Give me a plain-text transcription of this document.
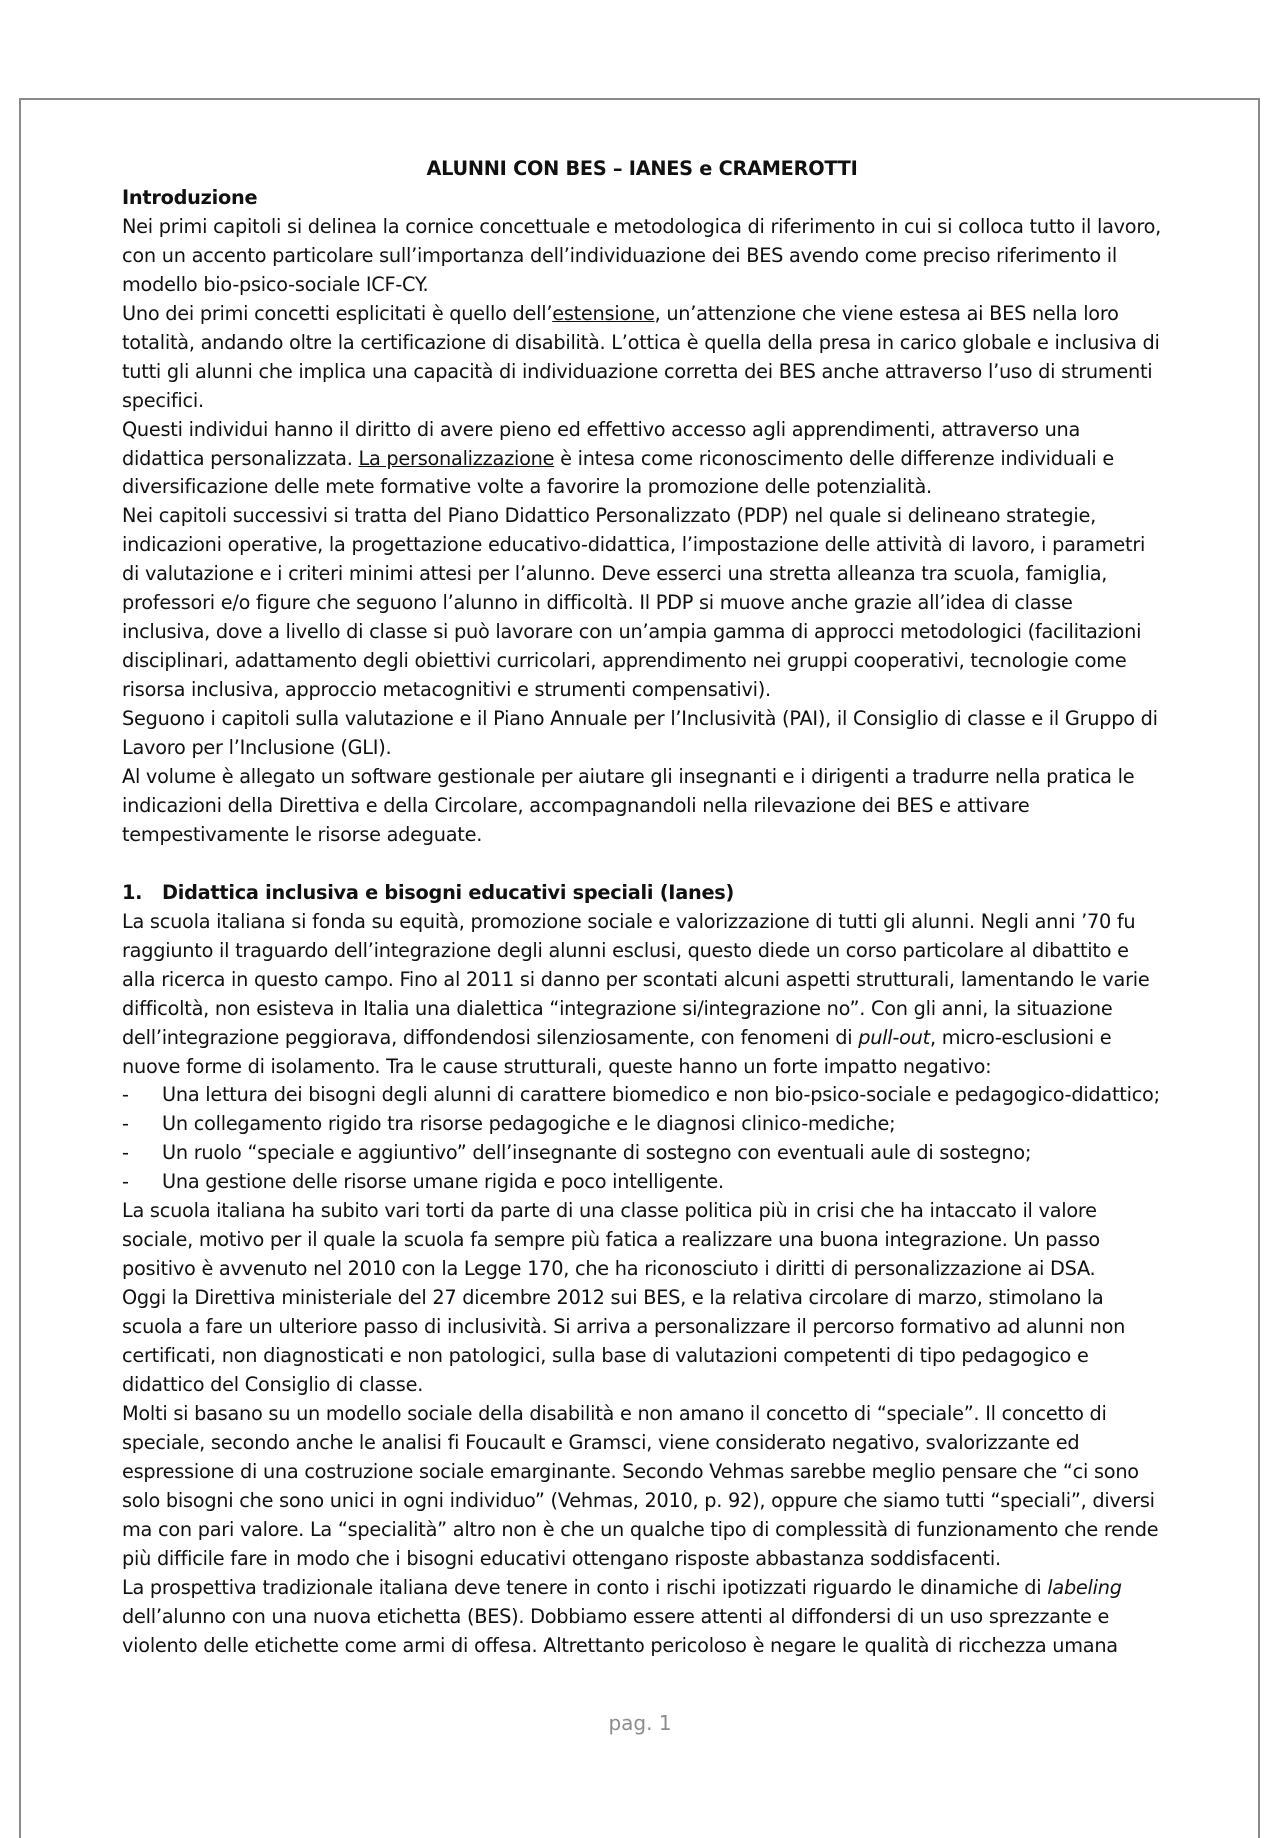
ALUNNI CON BES – IANES e CRAMEROTTI

Introduzione

Nei primi capitoli si delinea la cornice concettuale e metodologica di riferimento in cui si colloca tutto il lavoro, con un accento particolare sull’importanza dell’individuazione dei BES avendo come preciso riferimento il modello bio-psico-sociale ICF-CY.

Uno dei primi concetti esplicitati è quello dell’estensione, un’attenzione che viene estesa ai BES nella loro totalità, andando oltre la certificazione di disabilità. L’ottica è quella della presa in carico globale e inclusiva di tutti gli alunni che implica una capacità di individuazione corretta dei BES anche attraverso l’uso di strumenti specifici.

Questi individui hanno il diritto di avere pieno ed effettivo accesso agli apprendimenti, attraverso una didattica personalizzata. La personalizzazione è intesa come riconoscimento delle differenze individuali e diversificazione delle mete formative volte a favorire la promozione delle potenzialità.

Nei capitoli successivi si tratta del Piano Didattico Personalizzato (PDP) nel quale si delineano strategie, indicazioni operative, la progettazione educativo-didattica, l’impostazione delle attività di lavoro, i parametri di valutazione e i criteri minimi attesi per l’alunno. Deve esserci una stretta alleanza tra scuola, famiglia, professori e/o figure che seguono l’alunno in difficoltà. Il PDP si muove anche grazie all’idea di classe inclusiva, dove a livello di classe si può lavorare con un’ampia gamma di approcci metodologici (facilitazioni disciplinari, adattamento degli obiettivi curricolari, apprendimento nei gruppi cooperativi, tecnologie come risorsa inclusiva, approccio metacognitivi e strumenti compensativi).

Seguono i capitoli sulla valutazione e il Piano Annuale per l’Inclusività (PAI), il Consiglio di classe e il Gruppo di Lavoro per l’Inclusione (GLI).

Al volume è allegato un software gestionale per aiutare gli insegnanti e i dirigenti a tradurre nella pratica le indicazioni della Direttiva e della Circolare, accompagnandoli nella rilevazione dei BES e attivare tempestivamente le risorse adeguate.

1.	Didattica inclusiva e bisogni educativi speciali (Ianes)

La scuola italiana si fonda su equità, promozione sociale e valorizzazione di tutti gli alunni. Negli anni ’70 fu raggiunto il traguardo dell’integrazione degli alunni esclusi, questo diede un corso particolare al dibattito e alla ricerca in questo campo. Fino al 2011 si danno per scontati alcuni aspetti strutturali, lamentando le varie difficoltà, non esisteva in Italia una dialettica “integrazione si/integrazione no”. Con gli anni, la situazione dell’integrazione peggiorava, diffondendosi silenziosamente, con fenomeni di pull-out, micro-esclusioni e nuove forme di isolamento. Tra le cause strutturali, queste hanno un forte impatto negativo:

-	Una lettura dei bisogni degli alunni di carattere biomedico e non bio-psico-sociale e pedagogico-didattico;
-	Un collegamento rigido tra risorse pedagogiche e le diagnosi clinico-mediche;
-	Un ruolo “speciale e aggiuntivo” dell’insegnante di sostegno con eventuali aule di sostegno;
-	Una gestione delle risorse umane rigida e poco intelligente.

La scuola italiana ha subito vari torti da parte di una classe politica più in crisi che ha intaccato il valore sociale, motivo per il quale la scuola fa sempre più fatica a realizzare una buona integrazione. Un passo positivo è avvenuto nel 2010 con la Legge 170, che ha riconosciuto i diritti di personalizzazione ai DSA.

Oggi la Direttiva ministeriale del 27 dicembre 2012 sui BES, e la relativa circolare di marzo, stimolano la scuola a fare un ulteriore passo di inclusività. Si arriva a personalizzare il percorso formativo ad alunni non certificati, non diagnosticati e non patologici, sulla base di valutazioni competenti di tipo pedagogico e didattico del Consiglio di classe.

Molti si basano su un modello sociale della disabilità e non amano il concetto di “speciale”. Il concetto di speciale, secondo anche le analisi fi Foucault e Gramsci, viene considerato negativo, svalorizzante ed espressione di una costruzione sociale emarginante. Secondo Vehmas sarebbe meglio pensare che “ci sono solo bisogni che sono unici in ogni individuo” (Vehmas, 2010, p. 92), oppure che siamo tutti “speciali”, diversi ma con pari valore. La “specialità” altro non è che un qualche tipo di complessità di funzionamento che rende più difficile fare in modo che i bisogni educativi ottengano risposte abbastanza soddisfacenti.

La prospettiva tradizionale italiana deve tenere in conto i rischi ipotizzati riguardo le dinamiche di labeling dell’alunno con una nuova etichetta (BES). Dobbiamo essere attenti al diffondersi di un uso sprezzante e violento delle etichette come armi di offesa. Altrettanto pericoloso è negare le qualità di ricchezza umana

pag. 1
